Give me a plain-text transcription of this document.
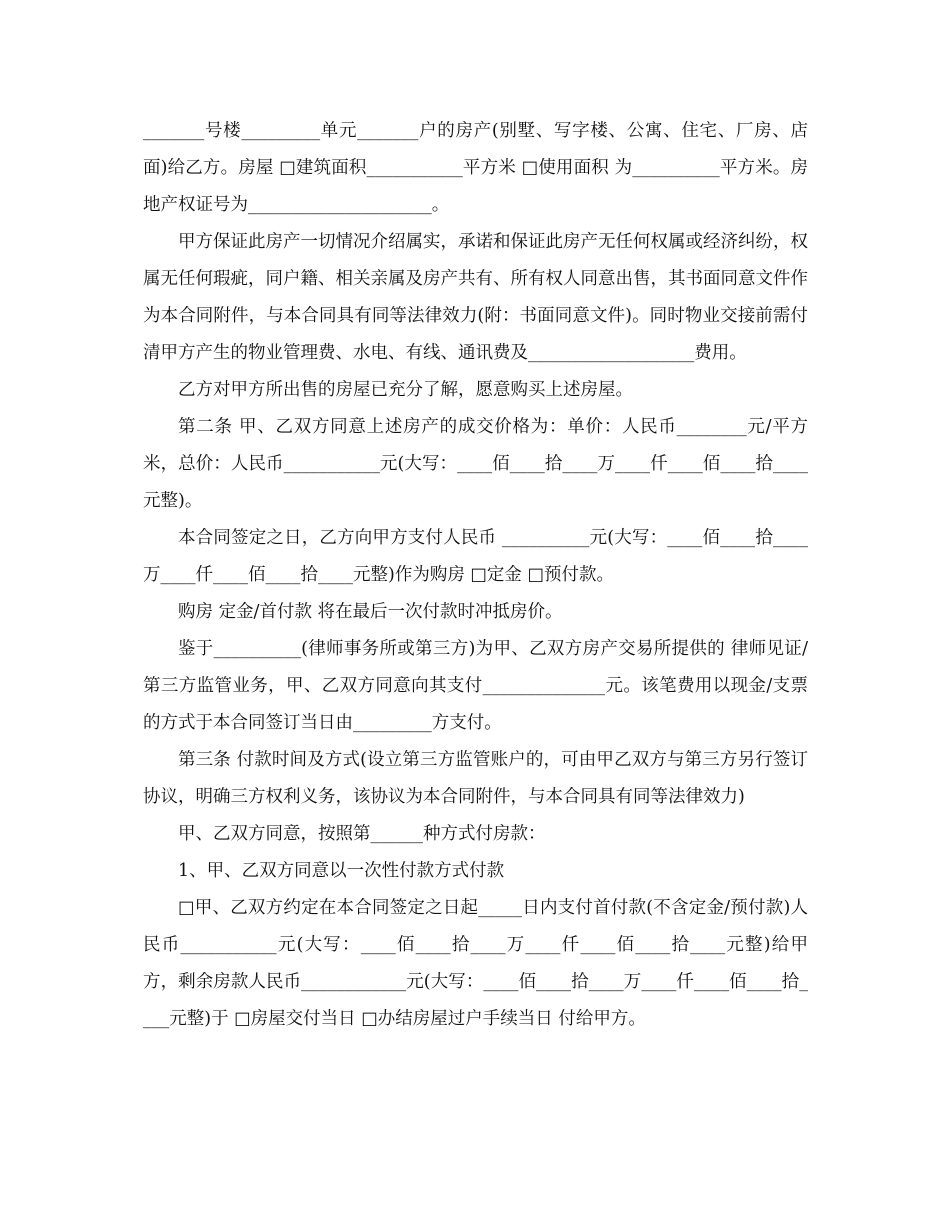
_______号楼_________单元_______户的房产(别墅、写字楼、公寓、住宅、厂房、店面)给乙方。房屋 □建筑面积___________平方米 □使用面积 为__________平方米。房地产权证号为_____________________。

甲方保证此房产一切情况介绍属实，承诺和保证此房产无任何权属或经济纠纷，权属无任何瑕疵，同户籍、相关亲属及房产共有、所有权人同意出售，其书面同意文件作为本合同附件，与本合同具有同等法律效力(附：书面同意文件)。同时物业交接前需付清甲方产生的物业管理费、水电、有线、通讯费及___________________费用。

乙方对甲方所出售的房屋已充分了解，愿意购买上述房屋。

第二条 甲、乙双方同意上述房产的成交价格为：单价：人民币________元/平方米，总价：人民币___________元(大写：____佰____拾____万____仟____佰____拾____元整)。

本合同签定之日，乙方向甲方支付人民币 __________元(大写：____佰____拾____万____仟____佰____拾____元整)作为购房 □定金 □预付款。

购房 定金/首付款 将在最后一次付款时冲抵房价。

鉴于__________(律师事务所或第三方)为甲、乙双方房产交易所提供的 律师见证/第三方监管业务，甲、乙双方同意向其支付______________元。该笔费用以现金/支票 的方式于本合同签订当日由_________方支付。

第三条 付款时间及方式(设立第三方监管账户的，可由甲乙双方与第三方另行签订协议，明确三方权利义务，该协议为本合同附件，与本合同具有同等法律效力)

甲、乙双方同意，按照第______种方式付房款：

1、甲、乙双方同意以一次性付款方式付款

□甲、乙双方约定在本合同签定之日起_____日内支付首付款(不含定金/预付款)人民币___________元(大写：____佰____拾____万____仟____佰____拾____元整)给甲方，剩余房款人民币____________元(大写：____佰____拾____万____仟____佰____拾____元整)于 □房屋交付当日 □办结房屋过户手续当日 付给甲方。
